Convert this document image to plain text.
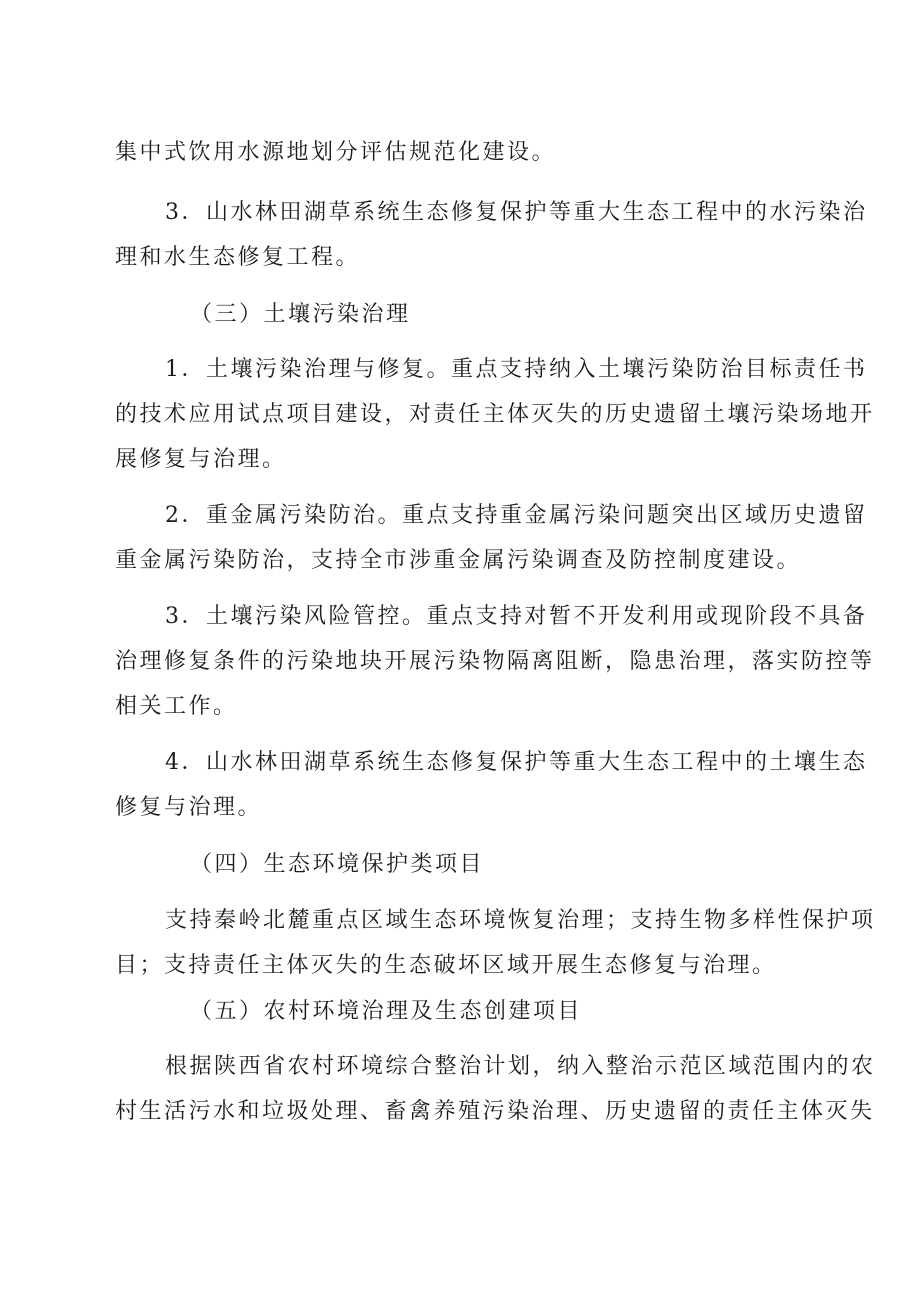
集中式饮用水源地划分评估规范化建设。
3．山水林田湖草系统生态修复保护等重大生态工程中的水污染治
理和水生态修复工程。
（三）土壤污染治理
1．土壤污染治理与修复。重点支持纳入土壤污染防治目标责任书
的技术应用试点项目建设，对责任主体灭失的历史遗留土壤污染场地开
展修复与治理。
2．重金属污染防治。重点支持重金属污染问题突出区域历史遗留
重金属污染防治，支持全市涉重金属污染调查及防控制度建设。
3．土壤污染风险管控。重点支持对暂不开发利用或现阶段不具备
治理修复条件的污染地块开展污染物隔离阻断，隐患治理，落实防控等
相关工作。
4．山水林田湖草系统生态修复保护等重大生态工程中的土壤生态
修复与治理。
（四）生态环境保护类项目
支持秦岭北麓重点区域生态环境恢复治理；支持生物多样性保护项
目；支持责任主体灭失的生态破坏区域开展生态修复与治理。
（五）农村环境治理及生态创建项目
根据陕西省农村环境综合整治计划，纳入整治示范区域范围内的农
村生活污水和垃圾处理、畜禽养殖污染治理、历史遗留的责任主体灭失
